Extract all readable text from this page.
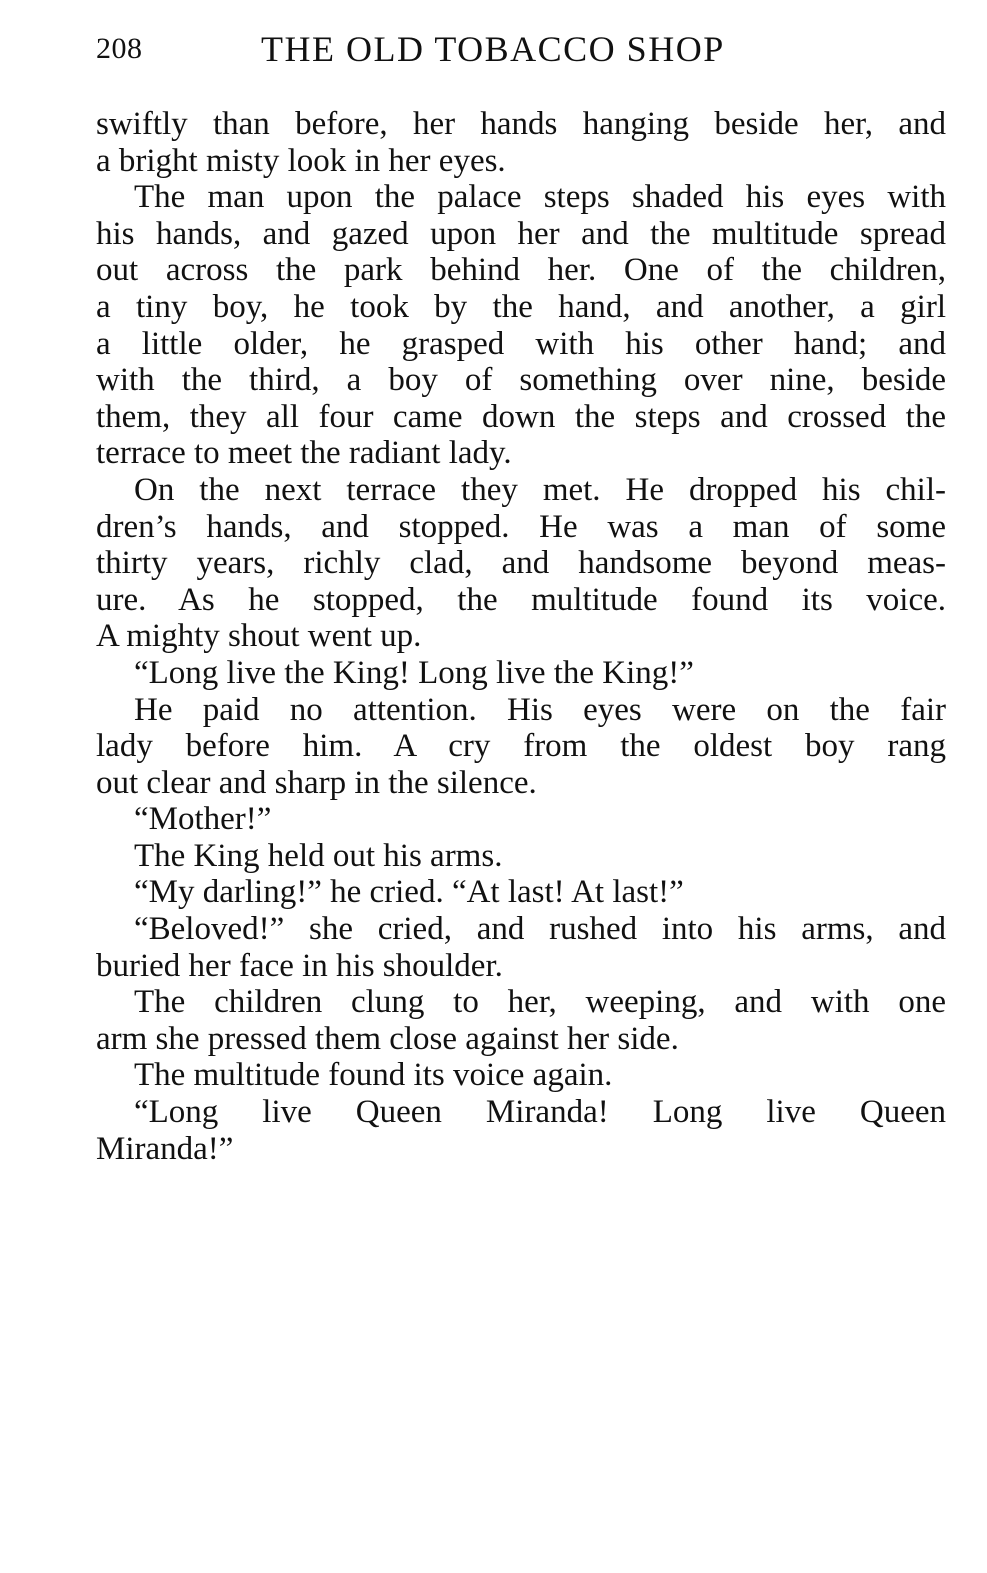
208	THE OLD TOBACCO SHOP
swiftly than before, her hands hanging beside her, and
a bright misty look in her eyes.
The man upon the palace steps shaded his eyes with
his hands, and gazed upon her and the multitude spread
out across the park behind her. One of the children,
a tiny boy, he took by the hand, and another, a girl
a little older, he grasped with his other hand; and
with the third, a boy of something over nine, beside
them, they all four came down the steps and crossed the
terrace to meet the radiant lady.
On the next terrace they met. He dropped his chil-
dren’s hands, and stopped. He was a man of some
thirty years, richly clad, and handsome beyond meas-
ure. As he stopped, the multitude found its voice.
A mighty shout went up.
“Long live the King! Long live the King!”
He paid no attention. His eyes were on the fair
lady before him. A cry from the oldest boy rang
out clear and sharp in the silence.
“Mother!”
The King held out his arms.
“My darling!” he cried. “At last! At last!”
“Beloved!” she cried, and rushed into his arms, and
buried her face in his shoulder.
The children clung to her, weeping, and with one
arm she pressed them close against her side.
The multitude found its voice again.
“Long live Queen Miranda! Long live Queen
Miranda!”
